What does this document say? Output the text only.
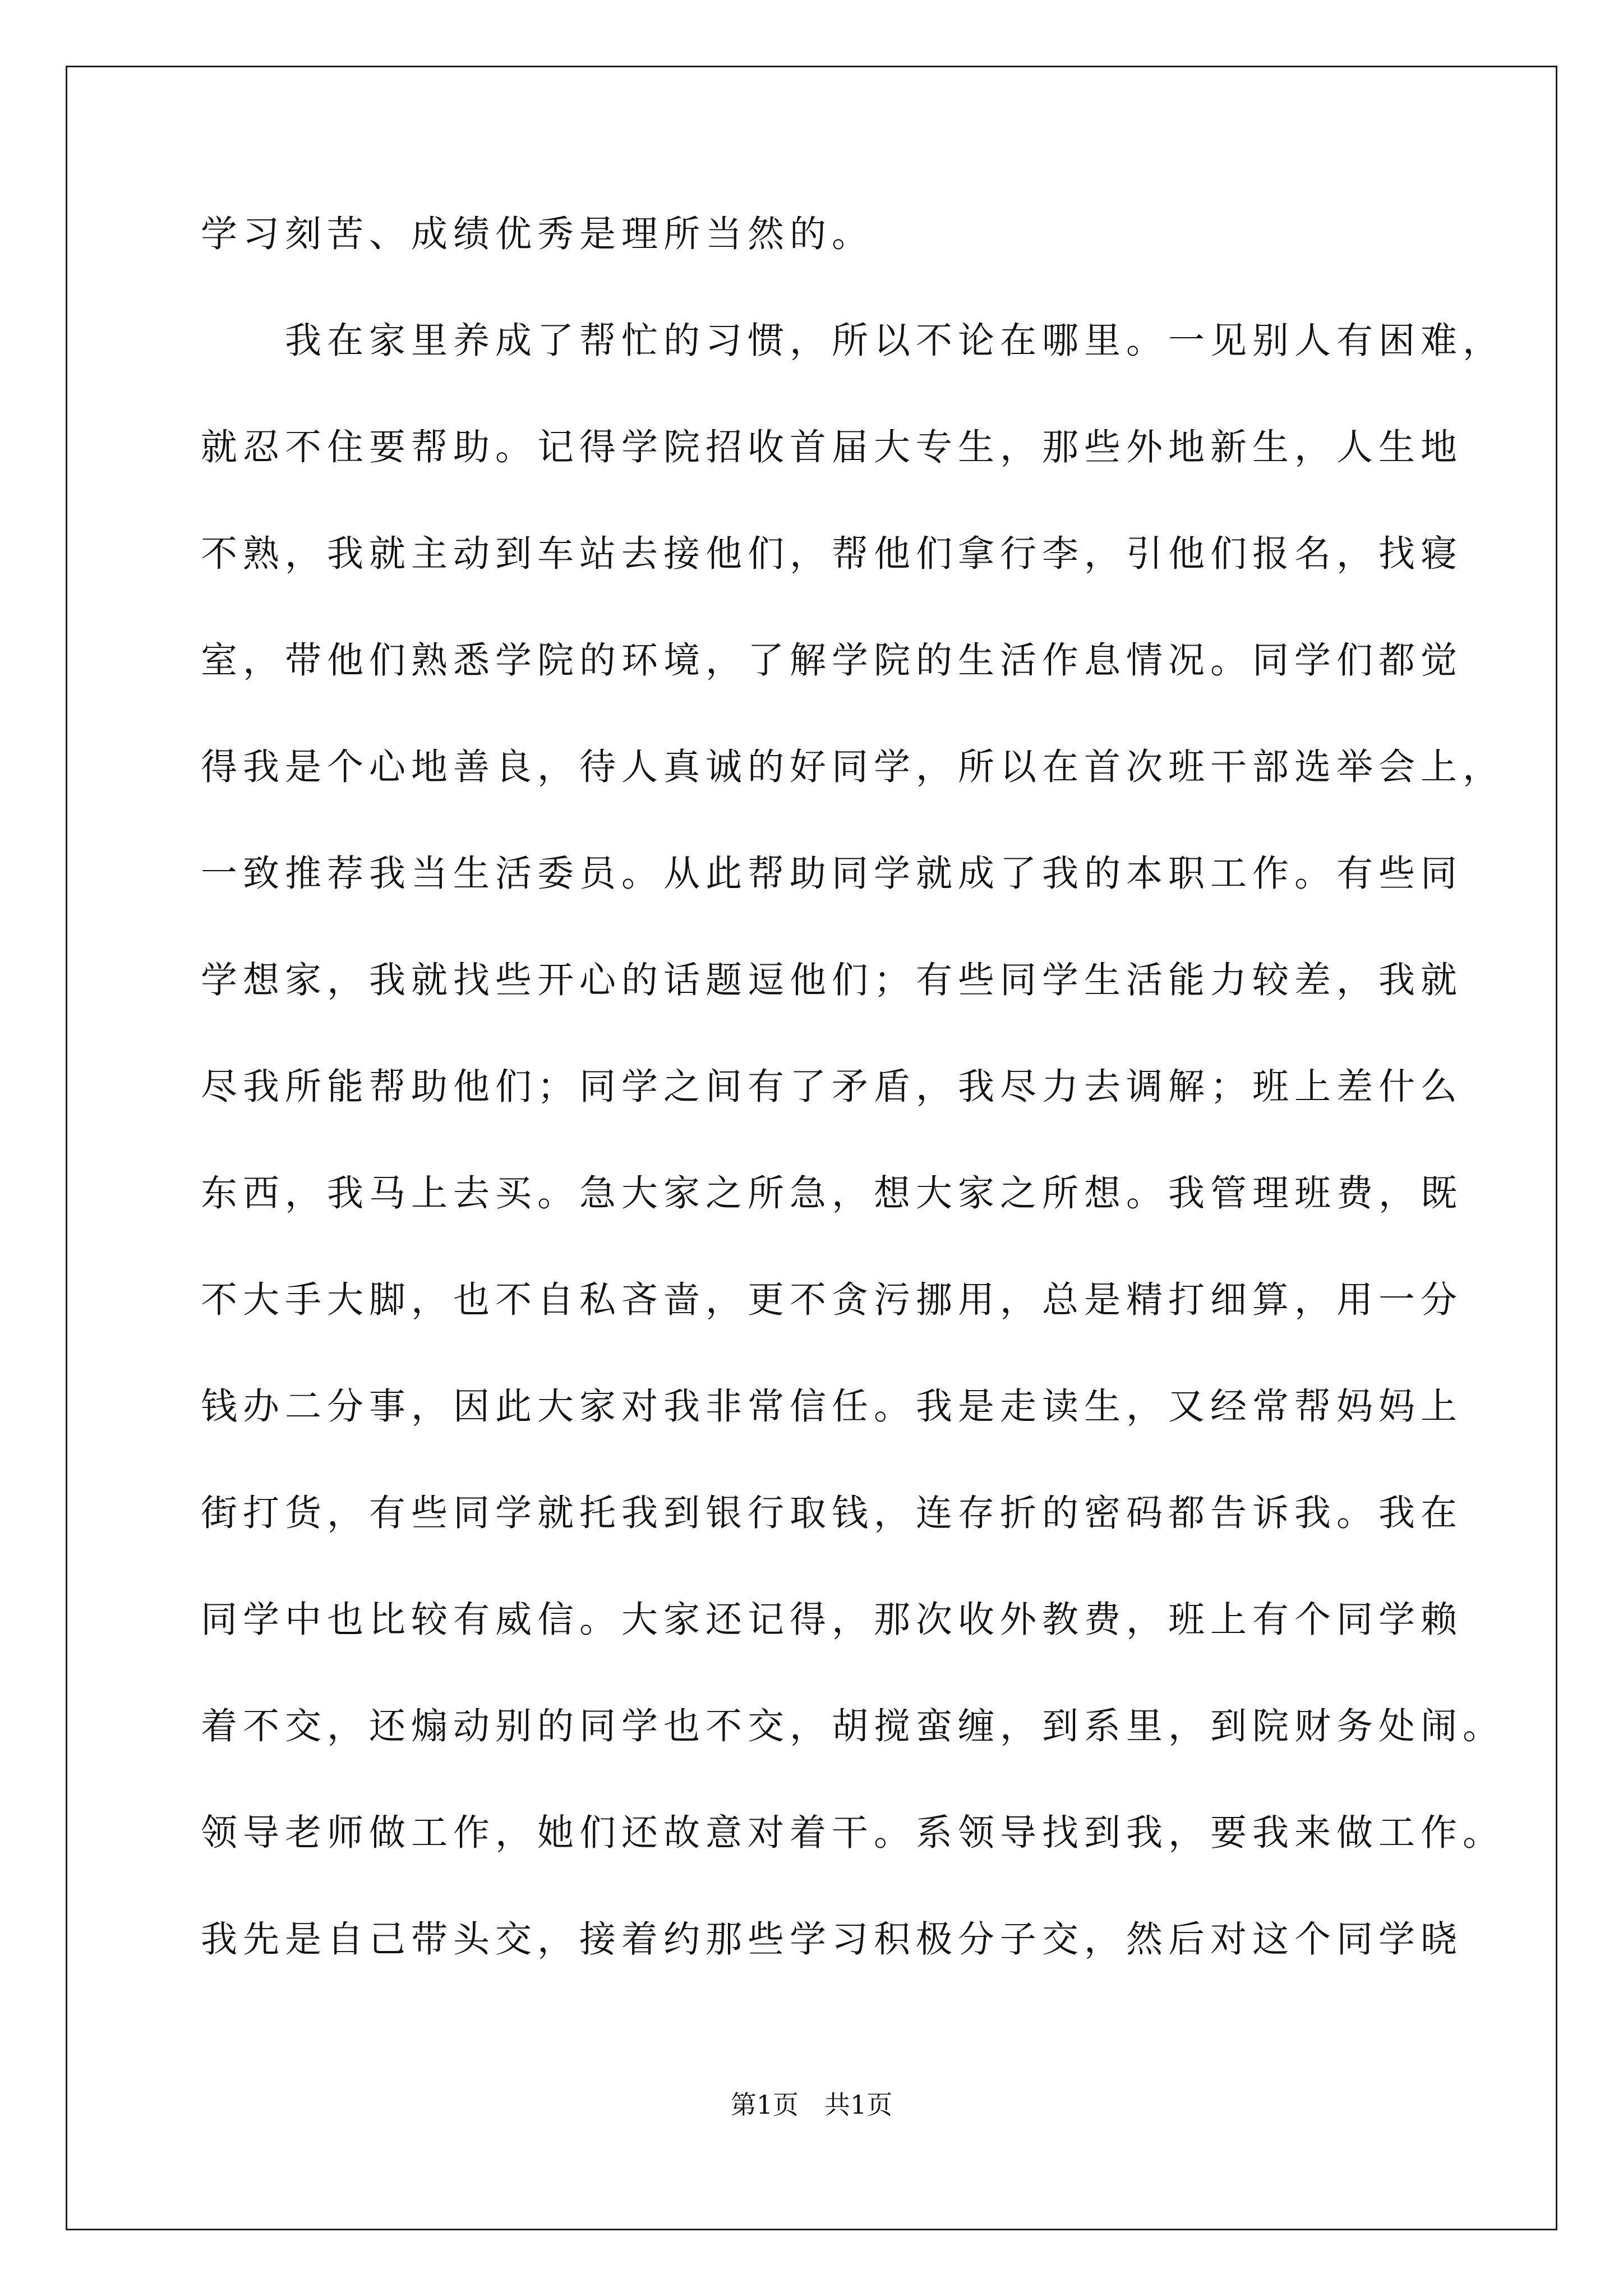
学习刻苦、成绩优秀是理所当然的。
　　我在家里养成了帮忙的习惯，所以不论在哪里。一见别人有困难，
就忍不住要帮助。记得学院招收首届大专生，那些外地新生，人生地
不熟，我就主动到车站去接他们，帮他们拿行李，引他们报名，找寝
室，带他们熟悉学院的环境，了解学院的生活作息情况。同学们都觉
得我是个心地善良，待人真诚的好同学，所以在首次班干部选举会上，
一致推荐我当生活委员。从此帮助同学就成了我的本职工作。有些同
学想家，我就找些开心的话题逗他们；有些同学生活能力较差，我就
尽我所能帮助他们；同学之间有了矛盾，我尽力去调解；班上差什么
东西，我马上去买。急大家之所急，想大家之所想。我管理班费，既
不大手大脚，也不自私吝啬，更不贪污挪用，总是精打细算，用一分
钱办二分事，因此大家对我非常信任。我是走读生，又经常帮妈妈上
街打货，有些同学就托我到银行取钱，连存折的密码都告诉我。我在
同学中也比较有威信。大家还记得，那次收外教费，班上有个同学赖
着不交，还煽动别的同学也不交，胡搅蛮缠，到系里，到院财务处闹。
领导老师做工作，她们还故意对着干。系领导找到我，要我来做工作。
我先是自己带头交，接着约那些学习积极分子交，然后对这个同学晓
第1页　共1页
